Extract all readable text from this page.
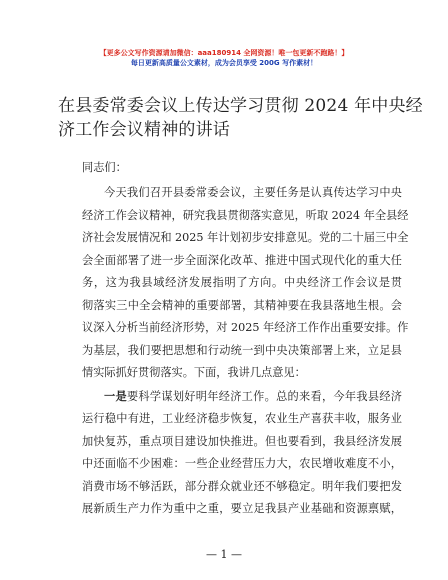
【更多公文写作资源请加微信：aaa180914 全网资源！唯一包更新不跑路！】
每日更新高质量公文素材，成为会员享受 200G 写作素材！
在县委常委会议上传达学习贯彻 2024 年中央经
济工作会议精神的讲话
同志们：
今天我们召开县委常委会议，主要任务是认真传达学习中央
经济工作会议精神，研究我县贯彻落实意见，听取 2024 年全县经
济社会发展情况和 2025 年计划初步安排意见。党的二十届三中全
会全面部署了进一步全面深化改革、推进中国式现代化的重大任
务，这为我县域经济发展指明了方向。中央经济工作会议是贯
彻落实三中全会精神的重要部署，其精神要在我县落地生根。会
议深入分析当前经济形势，对 2025 年经济工作作出重要安排。作
为基层，我们要把思想和行动统一到中央决策部署上来，立足县
情实际抓好贯彻落实。下面，我讲几点意见：
一是要科学谋划好明年经济工作。总的来看，今年我县经济
运行稳中有进，工业经济稳步恢复，农业生产喜获丰收，服务业
加快复苏，重点项目建设加快推进。但也要看到，我县经济发展
中还面临不少困难：一些企业经营压力大，农民增收难度不小，
消费市场不够活跃，部分群众就业还不够稳定。明年我们要把发
展新质生产力作为重中之重，要立足我县产业基础和资源禀赋，
— 1 —
